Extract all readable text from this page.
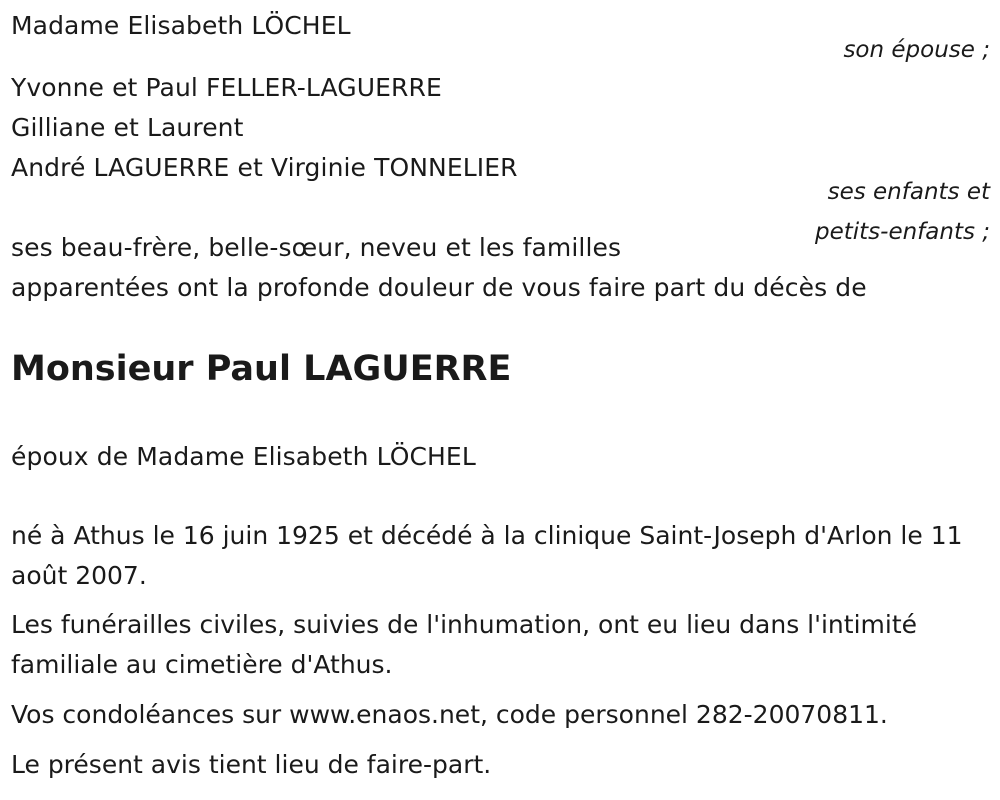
Madame Elisabeth LÖCHEL
son épouse ;
Yvonne et Paul FELLER-LAGUERRE
Gilliane et Laurent
André LAGUERRE et Virginie TONNELIER
ses enfants et
petits-enfants ;
ses beau-frère, belle-sœur, neveu et les familles
apparentées ont la profonde douleur de vous faire part du décès de
Monsieur Paul LAGUERRE
époux de Madame Elisabeth LÖCHEL
né à Athus le 16 juin 1925 et décédé à la clinique Saint-Joseph d'Arlon le 11 août 2007.
Les funérailles civiles, suivies de l'inhumation, ont eu lieu dans l'intimité familiale au cimetière d'Athus.
Vos condoléances sur www.enaos.net, code personnel 282-20070811.
Le présent avis tient lieu de faire-part.
